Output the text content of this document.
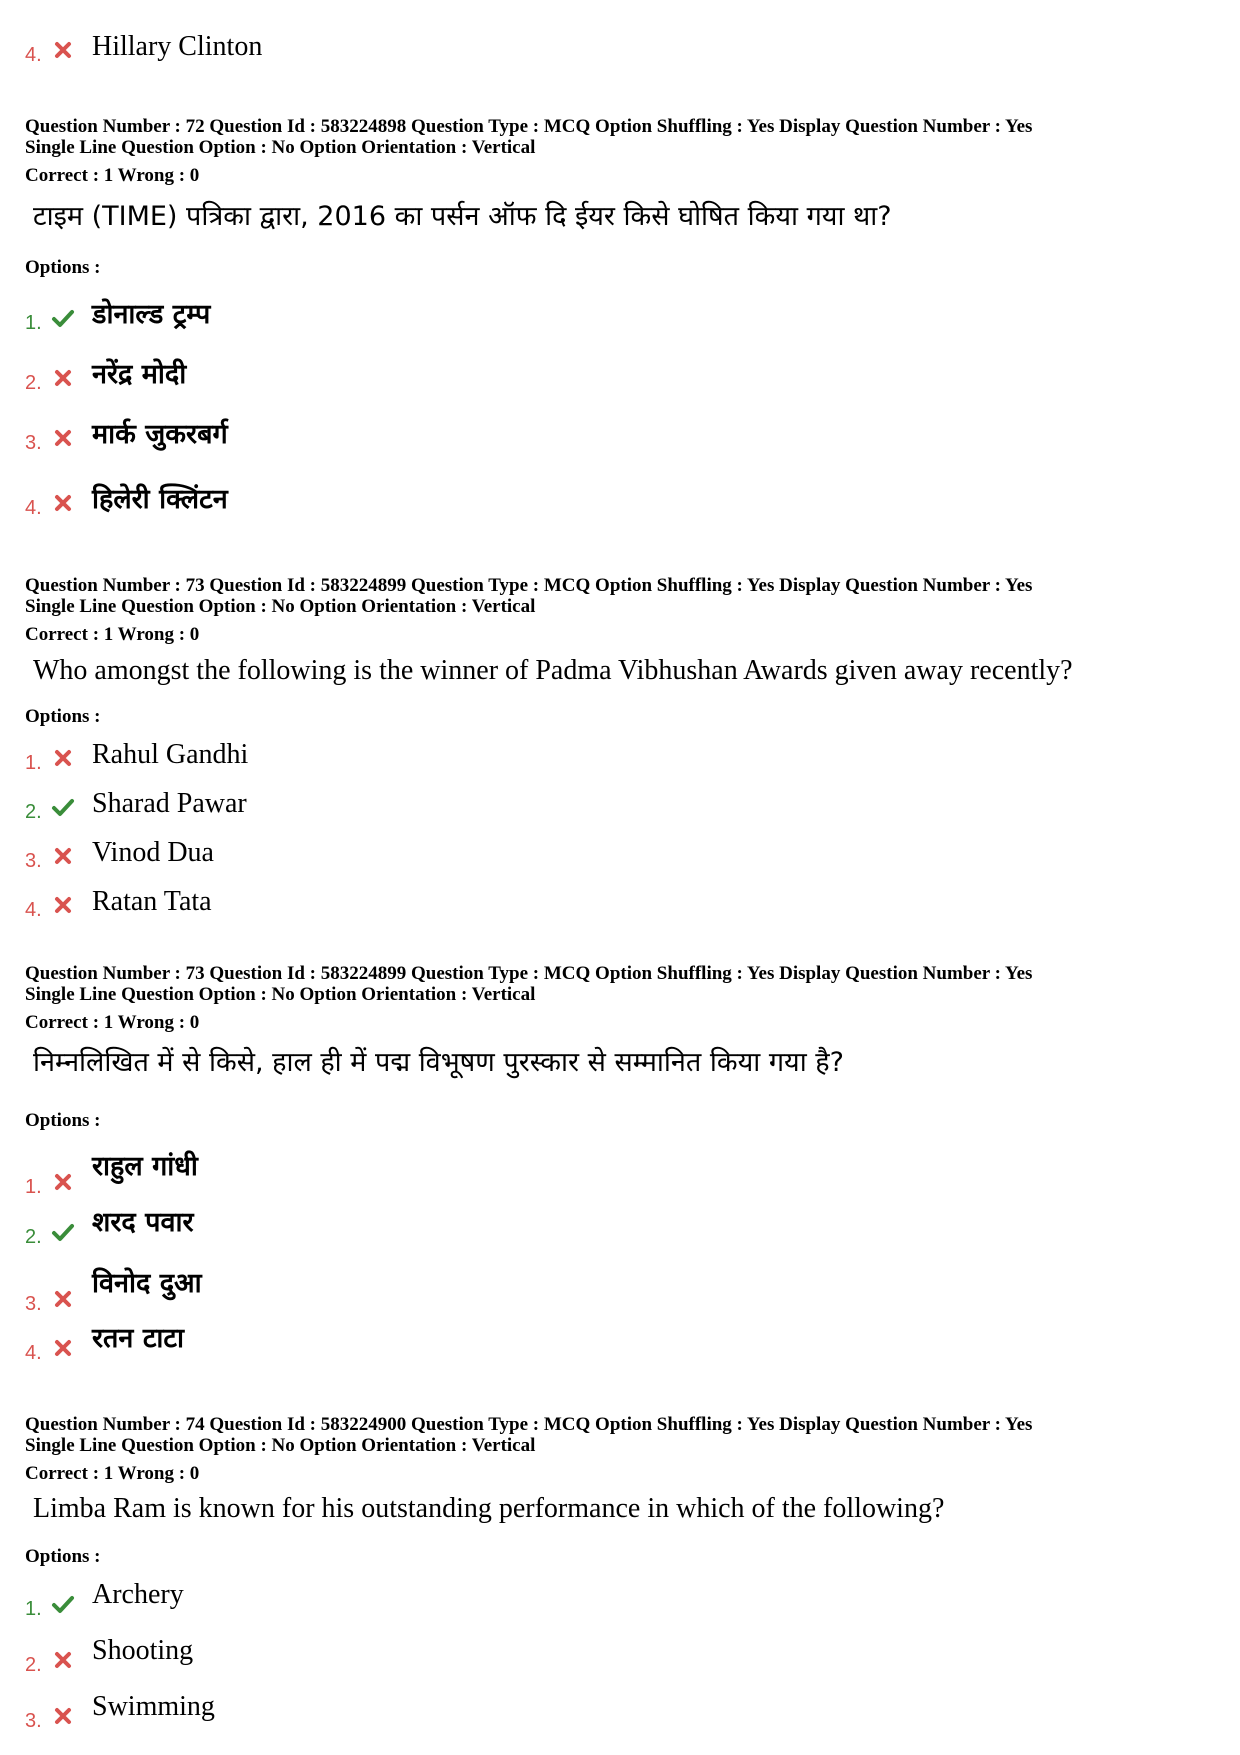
4. Hillary Clinton
Question Number : 72 Question Id : 583224898 Question Type : MCQ Option Shuffling : Yes Display Question Number : Yes
Single Line Question Option : No Option Orientation : Vertical
Correct : 1 Wrong : 0
टाइम (TIME) पत्रिका द्वारा, 2016 का पर्सन ऑफ दि ईयर किसे घोषित किया गया था?
Options :
1. डोनाल्ड ट्रम्प
2. नरेंद्र मोदी
3. मार्क जुकरबर्ग
4. हिलेरी क्लिंटन
Question Number : 73 Question Id : 583224899 Question Type : MCQ Option Shuffling : Yes Display Question Number : Yes
Single Line Question Option : No Option Orientation : Vertical
Correct : 1 Wrong : 0
Who amongst the following is the winner of Padma Vibhushan Awards given away recently?
Options :
1. Rahul Gandhi
2. Sharad Pawar
3. Vinod Dua
4. Ratan Tata
Question Number : 73 Question Id : 583224899 Question Type : MCQ Option Shuffling : Yes Display Question Number : Yes
Single Line Question Option : No Option Orientation : Vertical
Correct : 1 Wrong : 0
निम्नलिखित में से किसे, हाल ही में पद्म विभूषण पुरस्कार से सम्मानित किया गया है?
Options :
1.
राहुल गांधी
2. शरद पवार
3.
विनोद दुआ
4. रतन टाटा
Question Number : 74 Question Id : 583224900 Question Type : MCQ Option Shuffling : Yes Display Question Number : Yes
Single Line Question Option : No Option Orientation : Vertical
Correct : 1 Wrong : 0
Limba Ram is known for his outstanding performance in which of the following?
Options :
1. Archery
2. Shooting
3. Swimming
